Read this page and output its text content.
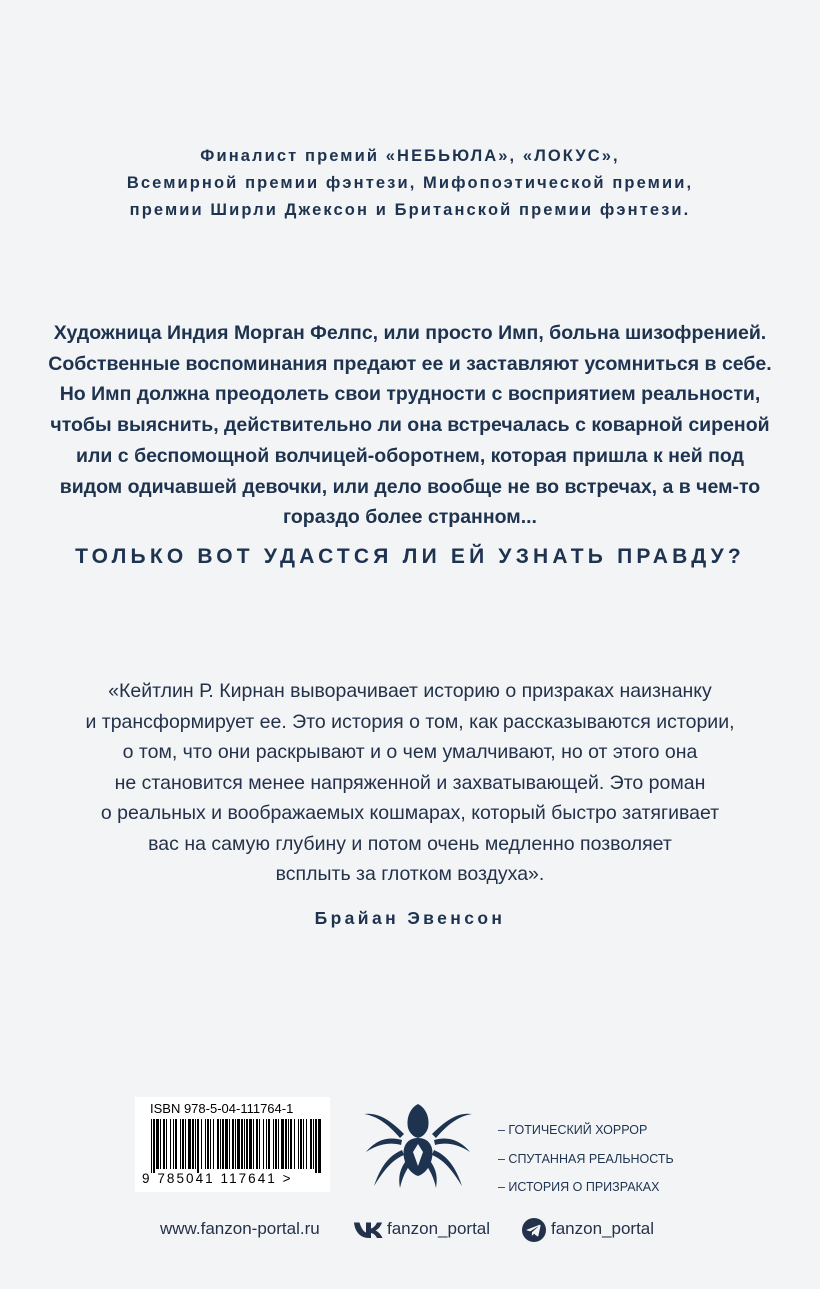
Финалист премий «НЕБЬЮЛА», «ЛОКУС»,
Всемирной премии фэнтези, Мифопоэтической премии,
премии Ширли Джексон и Британской премии фэнтези.
Художница Индия Морган Фелпс, или просто Имп, больна шизофренией.
Собственные воспоминания предают ее и заставляют усомниться в себе.
Но Имп должна преодолеть свои трудности с восприятием реальности,
чтобы выяснить, действительно ли она встречалась с коварной сиреной
или с беспомощной волчицей-оборотнем, которая пришла к ней под
видом одичавшей девочки, или дело вообще не во встречах, а в чем-то
гораздо более странном...
ТОЛЬКО ВОТ УДАСТСЯ ЛИ ЕЙ УЗНАТЬ ПРАВДУ?
«Кейтлин Р. Кирнан выворачивает историю о призраках наизнанку
и трансформирует ее. Это история о том, как рассказываются истории,
о том, что они раскрывают и о чем умалчивают, но от этого она
не становится менее напряженной и захватывающей. Это роман
о реальных и воображаемых кошмарах, который быстро затягивает
вас на самую глубину и потом очень медленно позволяет
всплыть за глотком воздуха».
Брайан Эвенсон
ISBN 978-5-04-111764-1
9 785041 117641 >
– ГОТИЧЕСКИЙ ХОРРОР
– СПУТАННАЯ РЕАЛЬНОСТЬ
– ИСТОРИЯ О ПРИЗРАКАХ
www.fanzon-portal.ru	fanzon_portal	fanzon_portal
